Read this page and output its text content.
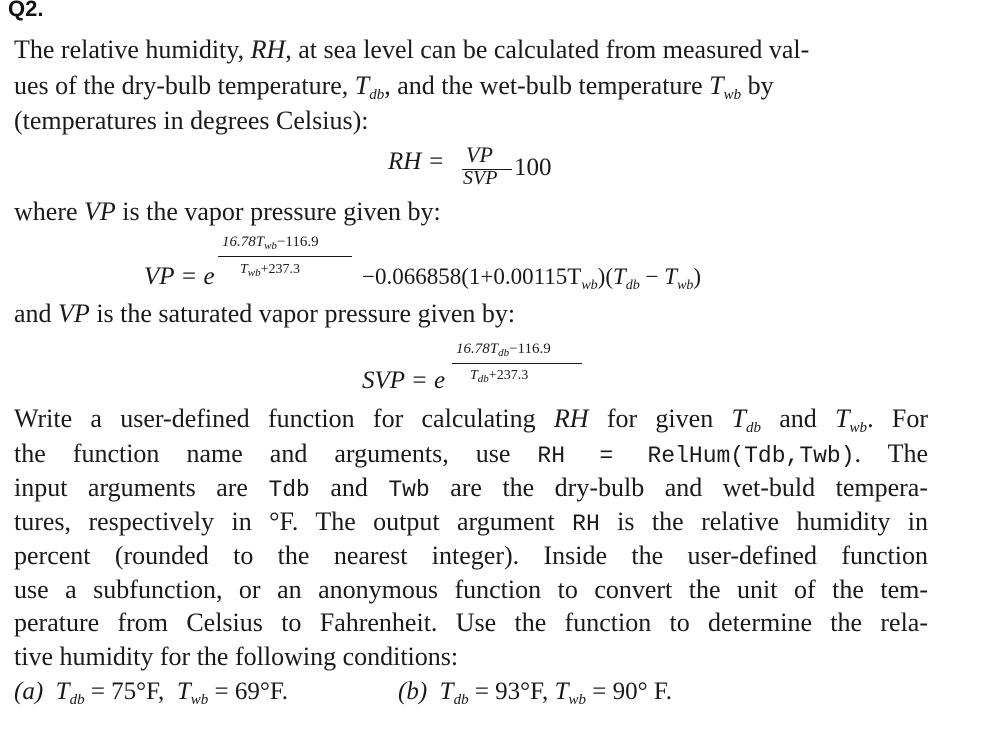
Q2.
The relative humidity, RH, at sea level can be calculated from measured val-
ues of the dry-bulb temperature, $T_{db}$, and the wet-bulb temperature $T_{wb}$ by
(temperatures in degrees Celsius):
RH = VP
SVP 100
where VP is the vapor pressure given by:
$16.78T_{wb}-116.9$
VP = e $T_{wb}+237.3$	$-0.066858(1+0.00115T_{wb})(T_{db} - T_{wb})$
and VP is the saturated vapor pressure given by:
$16.78T_{db}-116.9$
SVP = e $T_{db}+237.3$
Write a user-defined function for calculating RH for given $T_{db}$ and $T_{wb}$. For
the function name and arguments, use RH = RelHum(Tdb,Twb). The
input arguments are Tdb and Twb are the dry-bulb and wet-buld tempera-
tures, respectively in °F. The output argument RH is the relative humidity in
percent (rounded to the nearest integer). Inside the user-defined function
use a subfunction, or an anonymous function to convert the unit of the tem-
perature from Celsius to Fahrenheit. Use the function to determine the rela-
tive humidity for the following conditions:
(a) $T_{db} = 75^\circ F$, $T_{wb} = 69^\circ F$.	(b) $T_{db} = 93^\circ F$, $T_{wb} = 90^\circ$ F.
